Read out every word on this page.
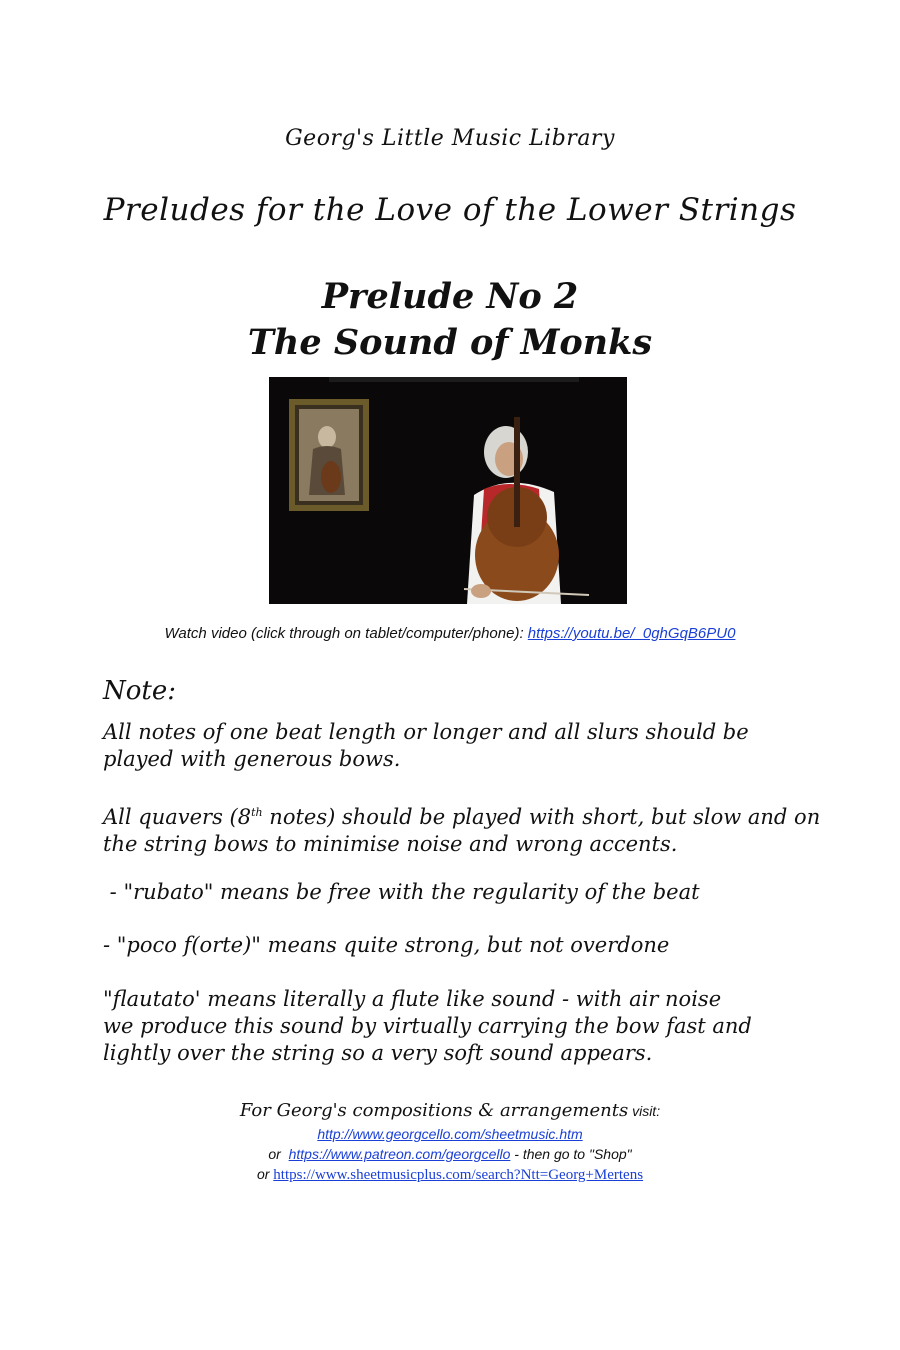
Georg's Little Music Library
Preludes for the Love of the Lower Strings
Prelude No 2
The Sound of Monks
Watch video (click through on tablet/computer/phone): https://youtu.be/_0ghGqB6PU0
Note:
All notes of one beat length or longer and all slurs should be played with generous bows.
All quavers (8th notes) should be played with short, but slow and on the string bows to minimise noise and wrong accents.
- "rubato" means be free with the regularity of the beat
- "poco f(orte)" means quite strong, but not overdone
"flautato' means literally a flute like sound - with air noise
we produce this sound by virtually carrying the bow fast and lightly over the string so a very soft sound appears.
For Georg's compositions & arrangements visit:
http://www.georgcello.com/sheetmusic.htm
or  https://www.patreon.com/georgcello - then go to "Shop"
or https://www.sheetmusicplus.com/search?Ntt=Georg+Mertens
